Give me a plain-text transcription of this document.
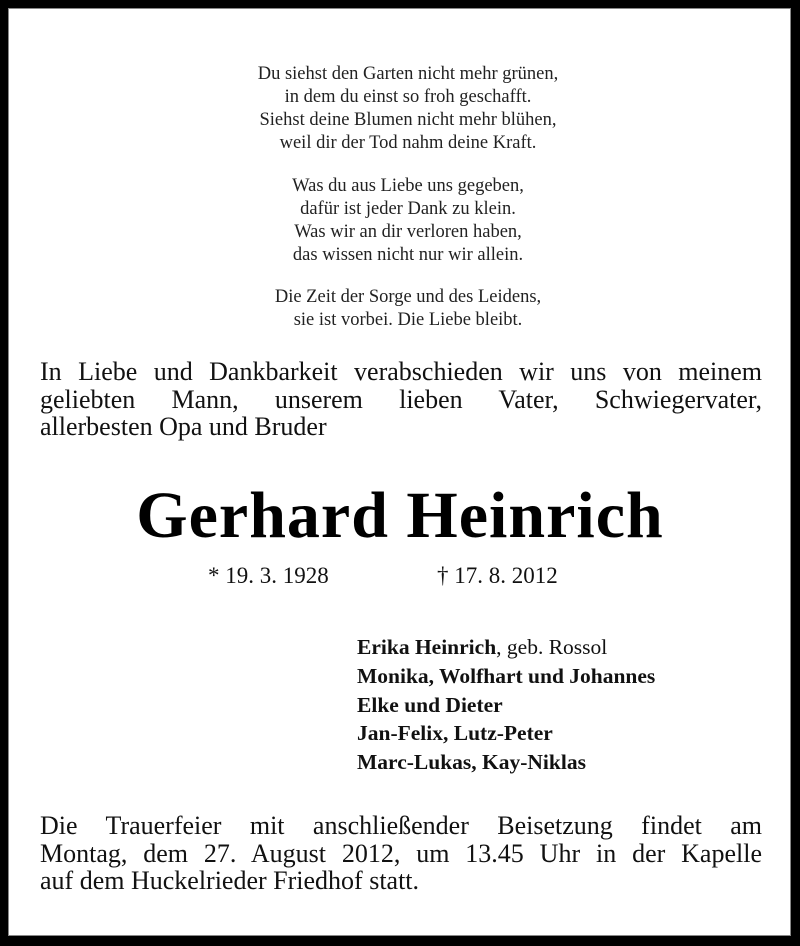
Du siehst den Garten nicht mehr grünen,
in dem du einst so froh geschafft.
Siehst deine Blumen nicht mehr blühen,
weil dir der Tod nahm deine Kraft.
Was du aus Liebe uns gegeben,
dafür ist jeder Dank zu klein.
Was wir an dir verloren haben,
das wissen nicht nur wir allein.
Die Zeit der Sorge und des Leidens,
sie ist vorbei. Die Liebe bleibt.
In Liebe und Dankbarkeit verabschieden wir uns von meinem
geliebten Mann, unserem lieben Vater, Schwiegervater,
allerbesten Opa und Bruder
Gerhard Heinrich
* 19. 3. 1928	† 17. 8. 2012
Erika Heinrich, geb. Rossol
Monika, Wolfhart und Johannes
Elke und Dieter
Jan-Felix, Lutz-Peter
Marc-Lukas, Kay-Niklas
Die Trauerfeier mit anschließender Beisetzung findet am
Montag, dem 27. August 2012, um 13.45 Uhr in der Kapelle
auf dem Huckelrieder Friedhof statt.
